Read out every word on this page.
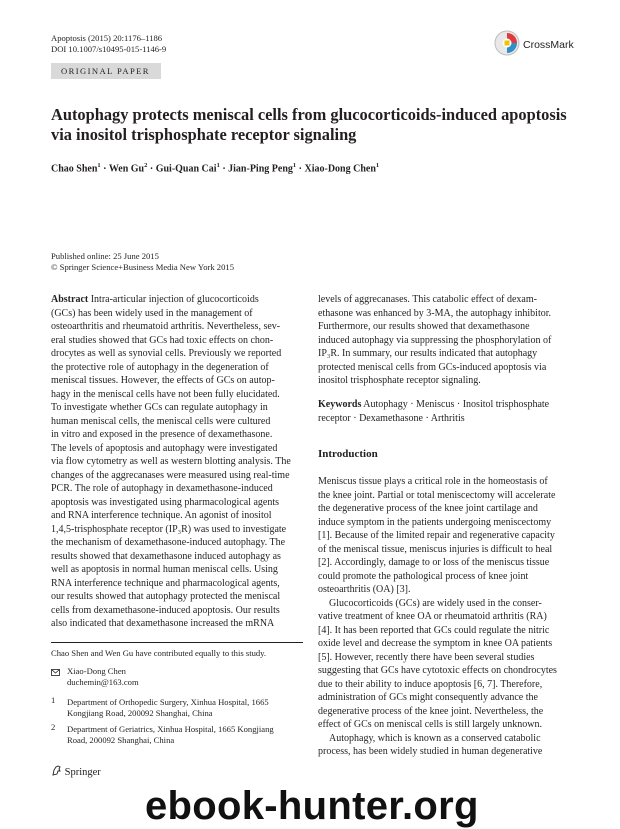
Apoptosis (2015) 20:1176–1186
DOI 10.1007/s10495-015-1146-9	CrossMark
ORIGINAL PAPER
Autophagy protects meniscal cells from glucocorticoids-induced apoptosis via inositol trisphosphate receptor signaling
Chao Shen$^1$ · Wen $Gu^2$ · Gui-Quan Cai$^1$ · Jian-Ping Peng$^1$ · Xiao-Dong Chen$^1$
Published online: 25 June 2015
© Springer Science+Business Media New York 2015

Abstract Intra-articular injection of glucocorticoids

(GCs) has been widely used in the management of

osteoarthritis and rheumatoid arthritis. Nevertheless, sev-

eral studies showed that GCs had toxic effects on chon-

drocytes as well as synovial cells. Previously we reported

the protective role of autophagy in the degeneration of

meniscal tissues. However, the effects of GCs on autop-

hagy in the meniscal cells have not been fully elucidated.

To investigate whether GCs can regulate autophagy in

human meniscal cells, the meniscal cells were cultured

in vitro and exposed in the presence of dexamethasone.

The levels of apoptosis and autophagy were investigated

via flow cytometry as well as western blotting analysis. The

changes of the aggrecanases were measured using real-time

PCR. The role of autophagy in dexamethasone-induced

apoptosis was investigated using pharmacological agents

and RNA interference technique. An agonist of inositol

1,4,5-trisphosphate receptor (IP₃R) was used to investigate

the mechanism of dexamethasone-induced autophagy. The

results showed that dexamethasone induced autophagy as

well as apoptosis in normal human meniscal cells. Using

RNA interference technique and pharmacological agents,

our results showed that autophagy protected the meniscal

cells from dexamethasone-induced apoptosis. Our results

also indicated that dexamethasone increased the mRNA

Chao Shen and Wen Gu have contributed equally to this study.
Xiao-Dong Chen
duchemin@163.com
1	Department of Orthopedic Surgery, Xinhua Hospital, 1665
Kongjiang Road, 200092 Shanghai, China
2	Department of Geriatrics, Xinhua Hospital, 1665 Kongjiang
Road, 200092 Shanghai, China

levels of aggrecanases. This catabolic effect of dexam-

ethasone was enhanced by 3-MA, the autophagy inhibitor.

Furthermore, our results showed that dexamethasone

induced autophagy via suppressing the phosphorylation of

IP₃R. In summary, our results indicated that autophagy

protected meniscal cells from GCs-induced apoptosis via

inositol trisphosphate receptor signaling.

Keywords Autophagy · Meniscus · Inositol trisphosphate

receptor · Dexamethasone · Arthritis

Introduction

Meniscus tissue plays a critical role in the homeostasis of

the knee joint. Partial or total meniscectomy will accelerate

the degenerative process of the knee joint cartilage and

induce symptom in the patients undergoing meniscectomy

[1]. Because of the limited repair and regenerative capacity

of the meniscal tissue, meniscus injuries is difficult to heal

[2]. Accordingly, damage to or loss of the meniscus tissue

could promote the pathological process of knee joint

osteoarthritis (OA) [3].

Glucocorticoids (GCs) are widely used in the conser-

vative treatment of knee OA or rheumatoid arthritis (RA)

[4]. It has been reported that GCs could regulate the nitric

oxide level and decrease the symptom in knee OA patients

[5]. However, recently there have been several studies

suggesting that GCs have cytotoxic effects on chondrocytes

due to their ability to induce apoptosis [6, 7]. Therefore,

administration of GCs might consequently advance the

degenerative process of the knee joint. Nevertheless, the

effect of GCs on meniscal cells is still largely unknown.

Autophagy, which is known as a conserved catabolic

process, has been widely studied in human degenerative

Springer
ebook-hunter.org
